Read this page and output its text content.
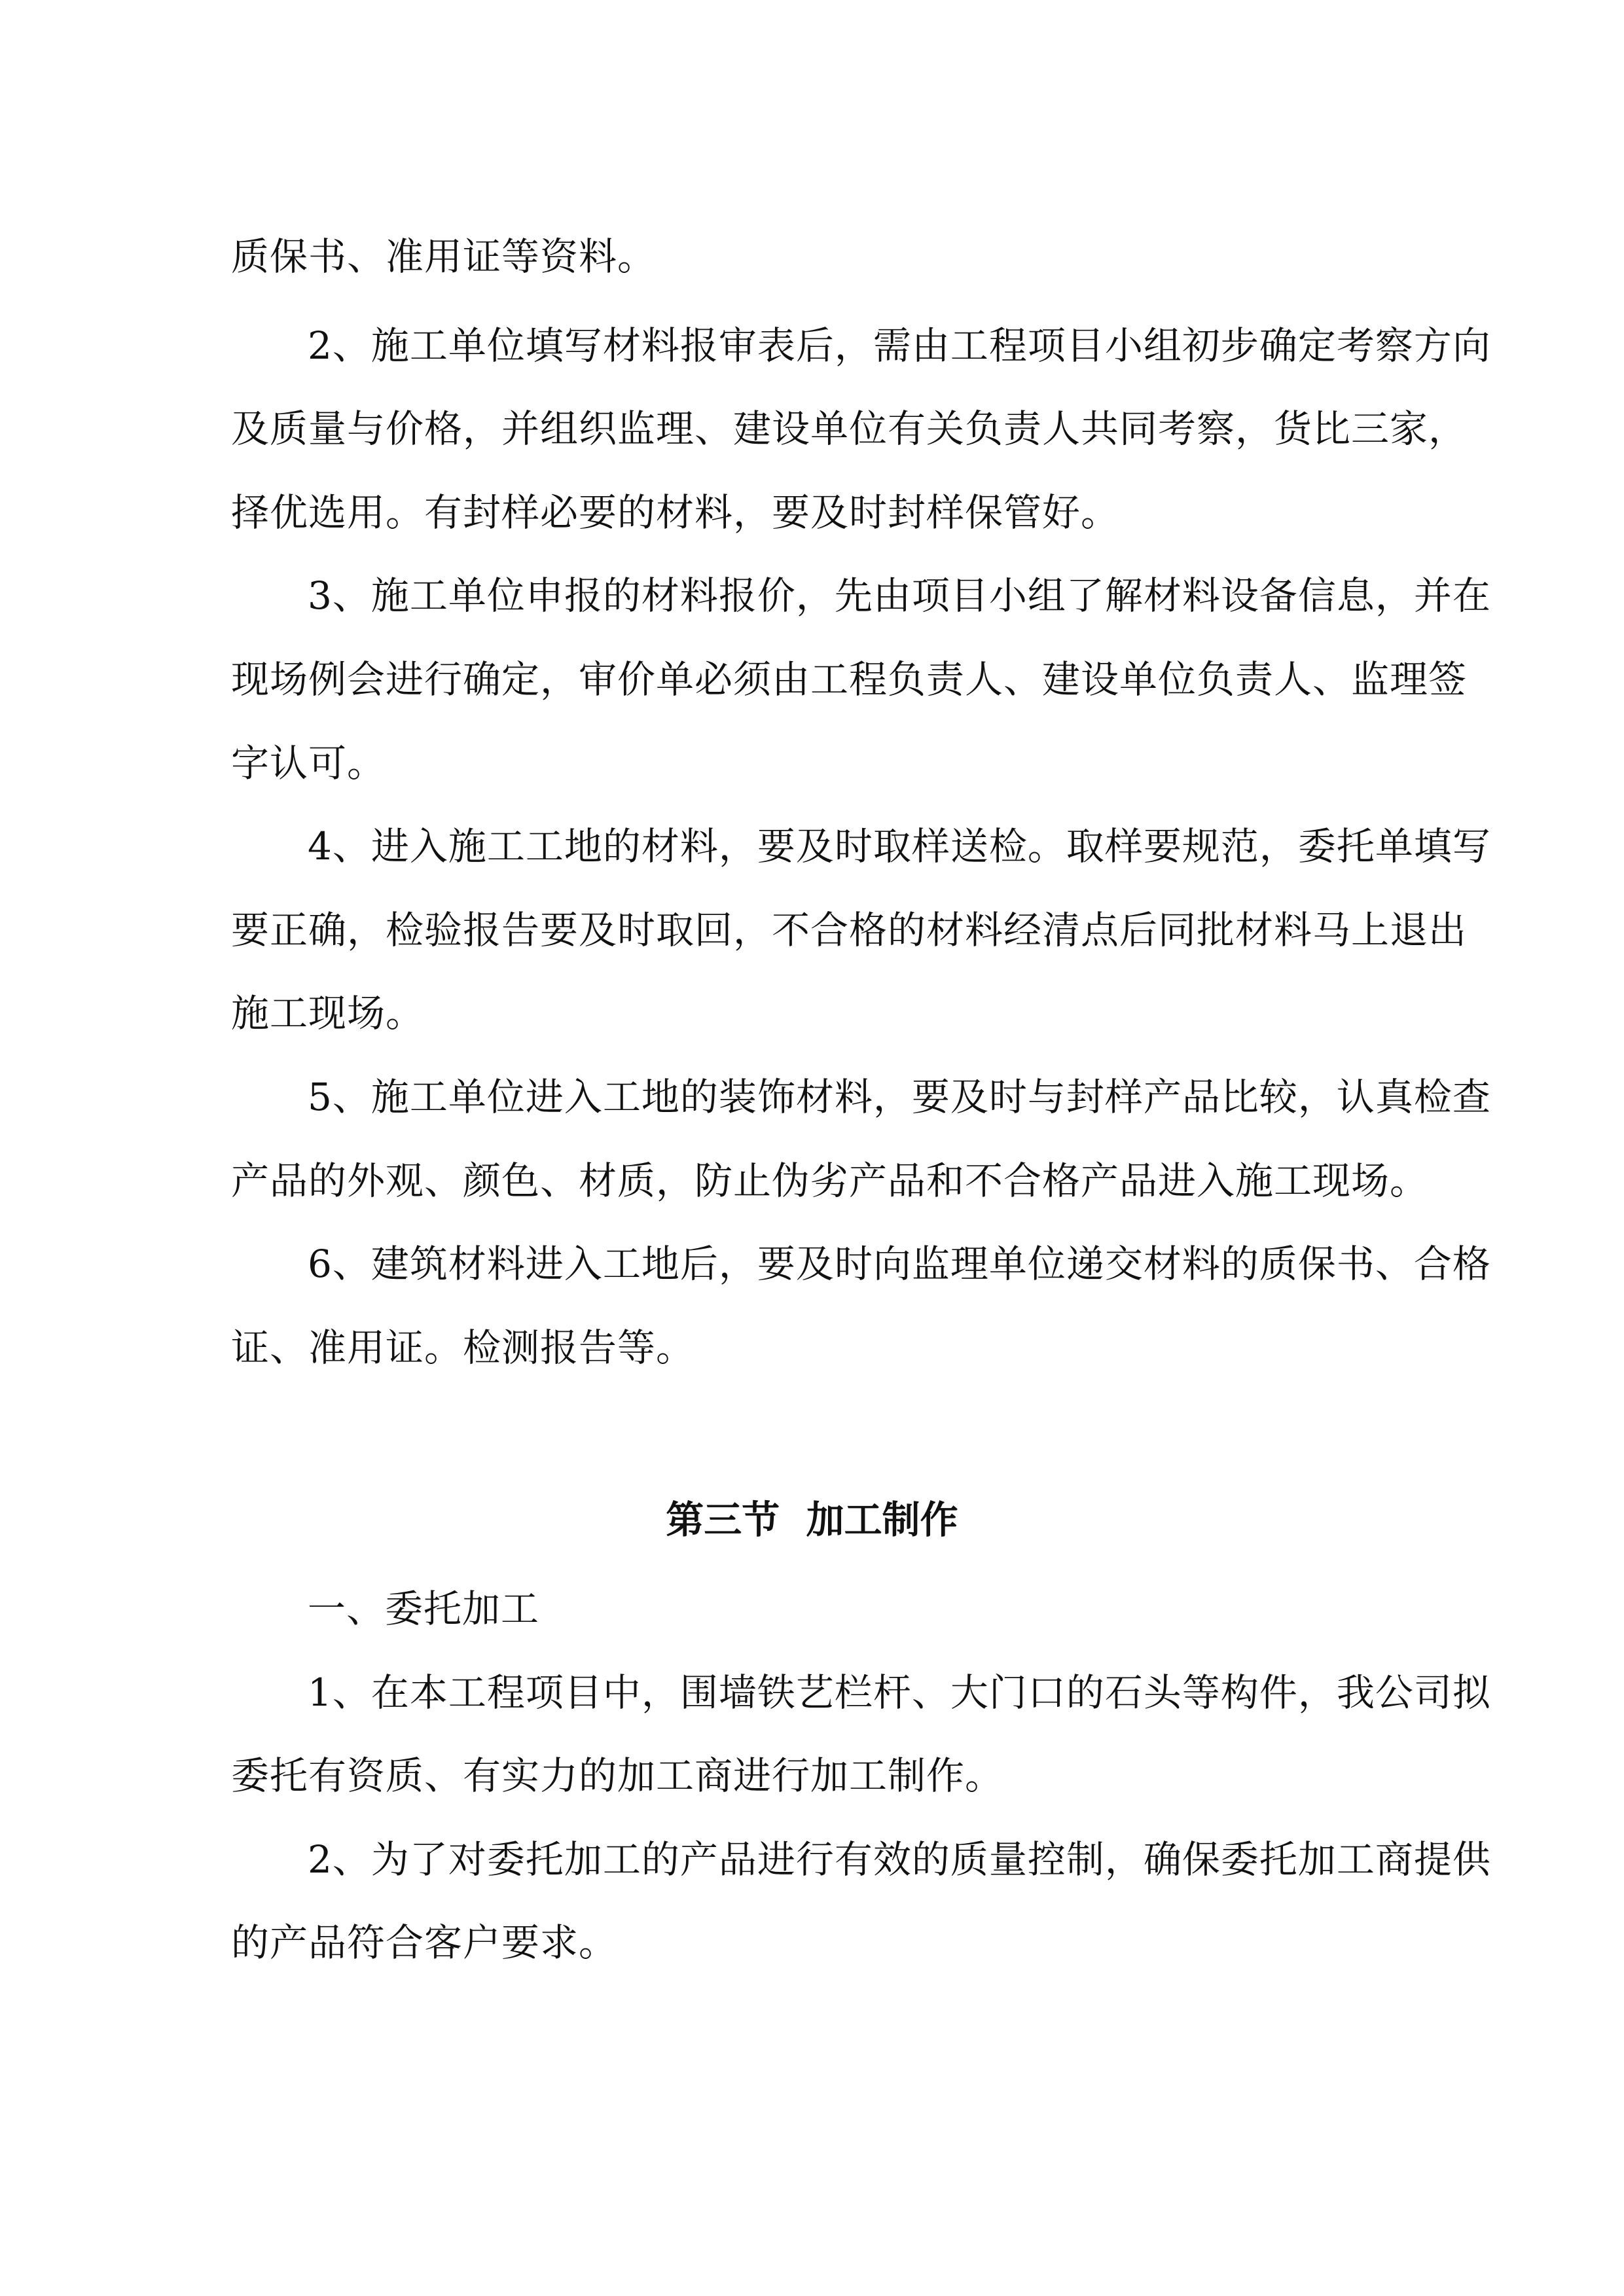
质保书、准用证等资料。
2、施工单位填写材料报审表后，需由工程项目小组初步确定考察方向
及质量与价格，并组织监理、建设单位有关负责人共同考察，货比三家，
择优选用。有封样必要的材料，要及时封样保管好。
3、施工单位申报的材料报价，先由项目小组了解材料设备信息，并在
现场例会进行确定，审价单必须由工程负责人、建设单位负责人、监理签
字认可。
4、进入施工工地的材料，要及时取样送检。取样要规范，委托单填写
要正确，检验报告要及时取回，不合格的材料经清点后同批材料马上退出
施工现场。
5、施工单位进入工地的装饰材料，要及时与封样产品比较，认真检查
产品的外观、颜色、材质，防止伪劣产品和不合格产品进入施工现场。
6、建筑材料进入工地后，要及时向监理单位递交材料的质保书、合格
证、准用证。检测报告等。
第三节  加工制作
一、委托加工
1、在本工程项目中，围墙铁艺栏杆、大门口的石头等构件，我公司拟
委托有资质、有实力的加工商进行加工制作。
2、为了对委托加工的产品进行有效的质量控制，确保委托加工商提供
的产品符合客户要求。
